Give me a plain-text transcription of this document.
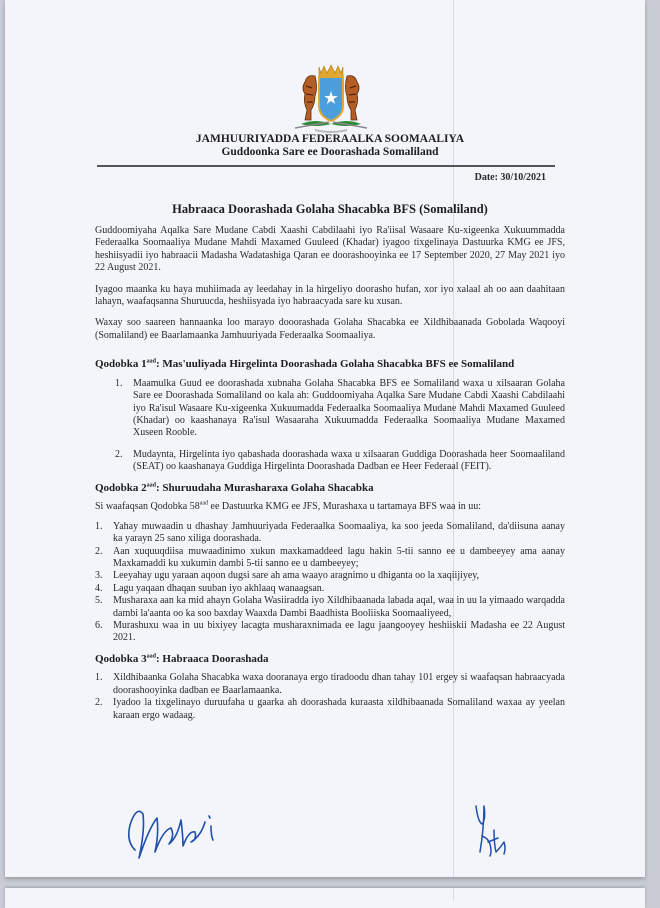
JAMHUURIYADDA FEDERAALKA SOOMAALIYA
Guddoonka Sare ee Doorashada Somaliland
Date: 30/10/2021
Habraaca Doorashada Golaha Shacabka BFS (Somaliland)
Guddoomiyaha Aqalka Sare Mudane Cabdi Xaashi Cabdilaahi iyo Ra'iisal Wasaare Ku-xigeenka Xukuummadda Federaalka Soomaaliya Mudane Mahdi Maxamed Guuleed (Khadar) iyagoo tixgelinaya Dastuurka KMG ee JFS, heshiisyadii iyo habraacii Madasha Wadatashiga Qaran ee doorashooyinka ee 17 September 2020, 27 May 2021 iyo 22 August 2021.
Iyagoo maanka ku haya muhiimada ay leedahay in la hirgeliyo doorasho hufan, xor iyo xalaal ah oo aan daahitaan lahayn, waafaqsanna Shuruucda, heshiisyada iyo habraacyada sare ku xusan.
Waxay soo saareen hannaanka loo marayo dooorashada Golaha Shacabka ee Xildhibaanada Gobolada Waqooyi (Somaliland) ee Baarlamaanka Jamhuuriyada Federaalka Soomaaliya.
Qodobka $1^{aad}$: Mas'uuliyada Hirgelinta Doorashada Golaha Shacabka BFS ee Somaliland
1. Maamulka Guud ee doorashada xubnaha Golaha Shacabka BFS ee Somaliland waxa u xilsaaran Golaha Sare ee Doorashada Somaliland oo kala ah: Guddoomiyaha Aqalka Sare Mudane Cabdi Xaashi Cabdilaahi iyo Ra'isul Wasaare Ku-xigeenka Xukuumadda Federaalka Soomaaliya Mudane Mahdi Maxamed Guuleed (Khadar) oo kaashanaya Ra'isul Wasaaraha Xukuumadda Federaalka Soomaaliya Mudane Maxamed Xuseen Rooble.
2. Mudaynta, Hirgelinta iyo qabashada doorashada waxa u xilsaaran Guddiga Doorashada heer Soomaaliland (SEAT) oo kaashanaya Guddiga Hirgelinta Doorashada Dadban ee Heer Federaal (FEIT).
Qodobka $2^{aad}$: Shuruudaha Murasharaxa Golaha Shacabka
Si waafaqsan Qodobka $58^{aad}$ ee Dastuurka KMG ee JFS, Murashaxa u tartamaya BFS waa in uu:
1. Yahay muwaadin u dhashay Jamhuuriyada Federaalka Soomaaliya, ka soo jeeda Somaliland, da'diisuna aanay ka yarayn 25 sano xiliga doorashada.
2. Aan xuquuqdiisa muwaadinimo xukun maxkamaddeed lagu hakin 5-tii sanno ee u dambeeyey ama aanay Maxkamaddi ku xukumin dambi 5-tii sanno ee u dambeeyey;
3. Leeyahay ugu yaraan aqoon dugsi sare ah ama waayo aragnimo u dhiganta oo la xaqiijiyey,
4. Lagu yaqaan dhaqan suuban iyo akhlaaq wanaagsan.
5. Musharaxa aan ka mid ahayn Golaha Wasiiradda iyo Xildhibaanada labada aqal, waa in uu la yimaado warqadda dambi la'aanta oo ka soo baxday Waaxda Dambi Baadhista Booliiska Soomaaliyeed,
6. Murashuxu waa in uu bixiyey lacagta musharaxnimada ee lagu jaangooyey heshiiskii Madasha ee 22 August 2021.
Qodobka $3^{aad}$: Habraaca Doorashada
1. Xildhibaanka Golaha Shacabka waxa dooranaya ergo tiradoodu dhan tahay 101 ergey si waafaqsan habraacyada doorashooyinka dadban ee Baarlamaanka.
2. Iyadoo la tixgelinayo duruufaha u gaarka ah doorashada kuraasta xildhibaanada Somaliland waxaa ay yeelan karaan ergo wadaag.
